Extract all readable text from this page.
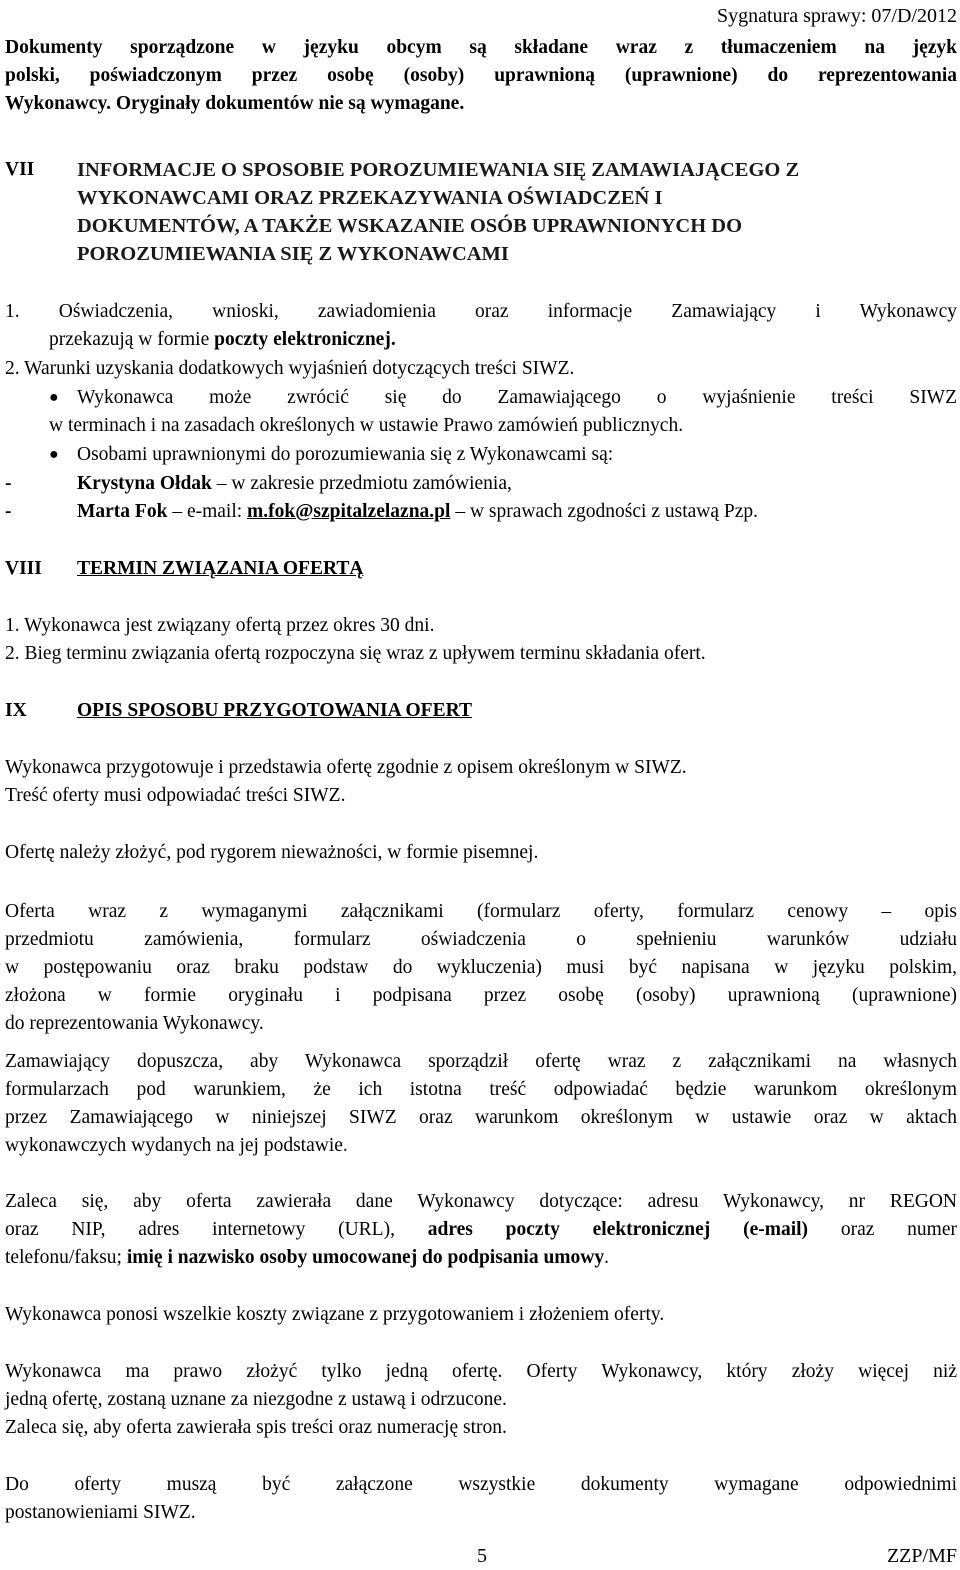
Sygnatura sprawy: 07/D/2012
Dokumenty sporządzone w języku obcym są składane wraz z tłumaczeniem na język
polski, poświadczonym przez osobę (osoby) uprawnioną (uprawnione) do reprezentowania
Wykonawcy. Oryginały dokumentów nie są wymagane.
VII INFORMACJE O SPOSOBIE POROZUMIEWANIA SIĘ ZAMAWIAJĄCEGO Z
WYKONAWCAMI ORAZ PRZEKAZYWANIA OŚWIADCZEŃ I
DOKUMENTÓW, A TAKŻE WSKAZANIE OSÓB UPRAWNIONYCH DO
POROZUMIEWANIA SIĘ Z WYKONAWCAMI
1. Oświadczenia, wnioski, zawiadomienia oraz informacje Zamawiający i Wykonawcy
przekazują w formie poczty elektronicznej.
2. Warunki uzyskania dodatkowych wyjaśnień dotyczących treści SIWZ.
● Wykonawca może zwrócić się do Zamawiającego o wyjaśnienie treści SIWZ
w terminach i na zasadach określonych w ustawie Prawo zamówień publicznych.
● Osobami uprawnionymi do porozumiewania się z Wykonawcami są:
-	Krystyna Ołdak – w zakresie przedmiotu zamówienia,
-	Marta Fok – e-mail: m.fok@szpitalzelazna.pl – w sprawach zgodności z ustawą Pzp.
VIII TERMIN ZWIĄZANIA OFERTĄ
1. Wykonawca jest związany ofertą przez okres 30 dni.
2. Bieg terminu związania ofertą rozpoczyna się wraz z upływem terminu składania ofert.
IX	OPIS SPOSOBU PRZYGOTOWANIA OFERT
Wykonawca przygotowuje i przedstawia ofertę zgodnie z opisem określonym w SIWZ.
Treść oferty musi odpowiadać treści SIWZ.
Ofertę należy złożyć, pod rygorem nieważności, w formie pisemnej.
Oferta wraz z wymaganymi załącznikami (formularz oferty, formularz cenowy – opis
przedmiotu zamówienia, formularz oświadczenia o spełnieniu warunków udziału
w postępowaniu oraz braku podstaw do wykluczenia) musi być napisana w języku polskim,
złożona w formie oryginału i podpisana przez osobę (osoby) uprawnioną (uprawnione)
do reprezentowania Wykonawcy.
Zamawiający dopuszcza, aby Wykonawca sporządził ofertę wraz z załącznikami na własnych
formularzach pod warunkiem, że ich istotna treść odpowiadać będzie warunkom określonym
przez Zamawiającego w niniejszej SIWZ oraz warunkom określonym w ustawie oraz w aktach
wykonawczych wydanych na jej podstawie.
Zaleca się, aby oferta zawierała dane Wykonawcy dotyczące: adresu Wykonawcy, nr REGON
oraz NIP, adres internetowy (URL), adres poczty elektronicznej (e-mail) oraz numer
telefonu/faksu; imię i nazwisko osoby umocowanej do podpisania umowy.
Wykonawca ponosi wszelkie koszty związane z przygotowaniem i złożeniem oferty.
Wykonawca ma prawo złożyć tylko jedną ofertę. Oferty Wykonawcy, który złoży więcej niż
jedną ofertę, zostaną uznane za niezgodne z ustawą i odrzucone.
Zaleca się, aby oferta zawierała spis treści oraz numerację stron.
Do oferty muszą być załączone wszystkie dokumenty wymagane odpowiednimi
postanowieniami SIWZ.
5	ZZP/MF
